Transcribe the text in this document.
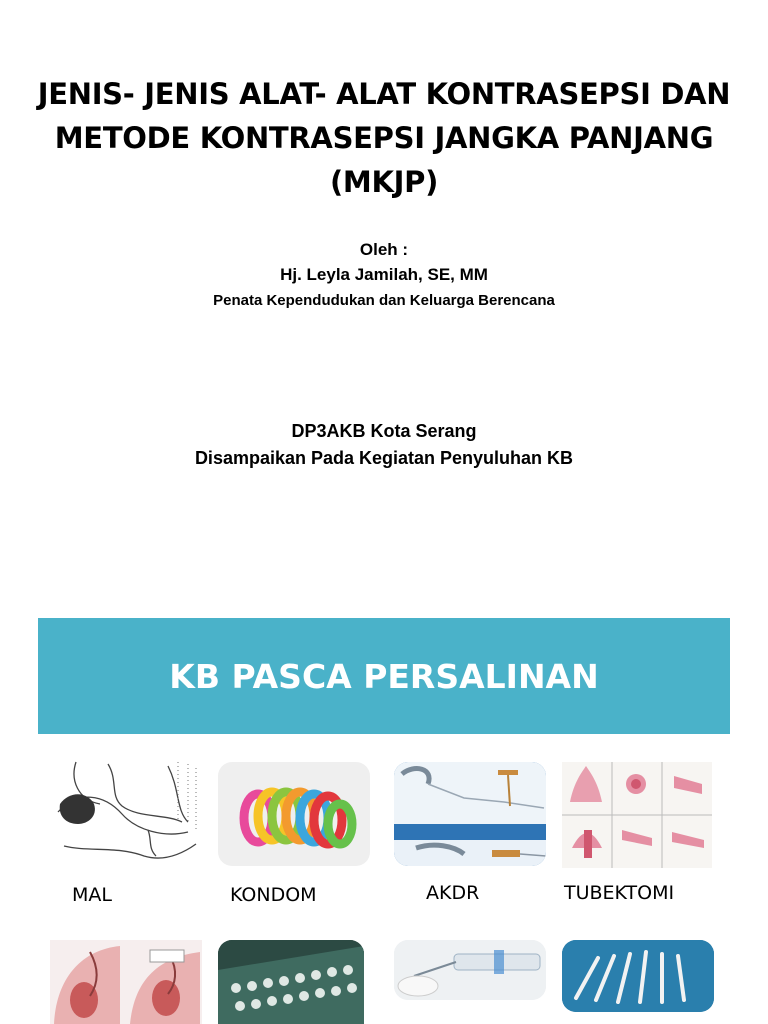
JENIS- JENIS ALAT- ALAT KONTRASEPSI DAN
METODE KONTRASEPSI JANGKA PANJANG
(MKJP)
Oleh :
Hj. Leyla Jamilah, SE, MM
Penata Kependudukan dan Keluarga Berencana
DP3AKB Kota Serang
Disampaikan Pada Kegiatan Penyuluhan KB
KB PASCA PERSALINAN
MAL	KONDOM	AKDR	TUBEKTOMI
